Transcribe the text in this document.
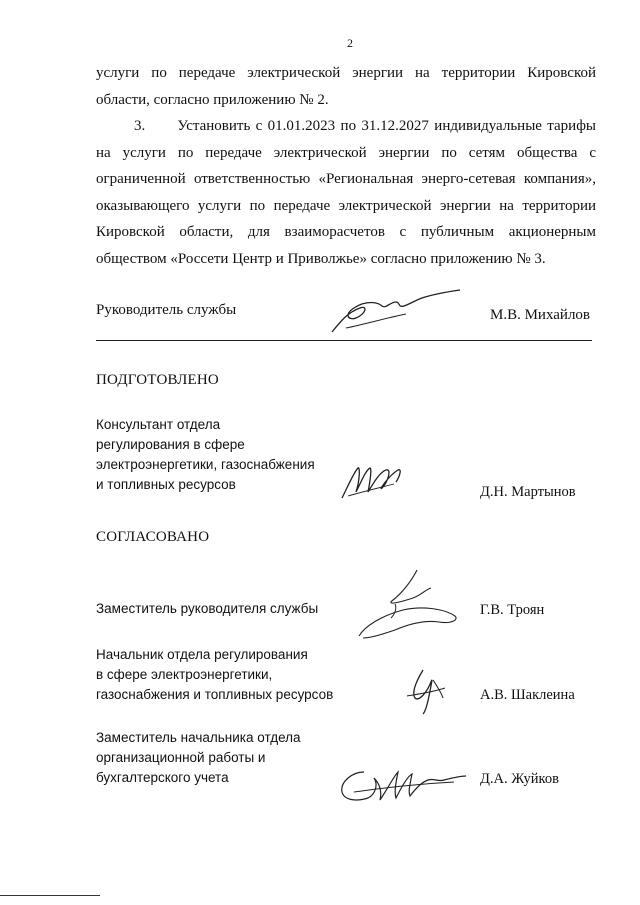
2
услуги по передаче электрической энергии на территории Кировской
области, согласно приложению № 2.
3. Установить с 01.01.2023 по 31.12.2027 индивидуальные тарифы
на услуги по передаче электрической энергии по сетям общества с
ограниченной ответственностью «Региональная энерго-сетевая компания»,
оказывающего услуги по передаче электрической энергии на территории
Кировской области, для взаиморасчетов с публичным акционерным
обществом «Россети Центр и Приволжье» согласно приложению № 3.
Руководитель службы	М.В. Михайлов
ПОДГОТОВЛЕНО
Консультант отдела
регулирования в сфере
электроэнергетики, газоснабжения
и топливных ресурсов	Д.Н. Мартынов
СОГЛАСОВАНО
Заместитель руководителя службы	Г.В. Троян
Начальник отдела регулирования
в сфере электроэнергетики,
газоснабжения и топливных ресурсов	А.В. Шаклеина
Заместитель начальника отдела
организационной работы и
бухгалтерского учета	Д.А. Жуйков
